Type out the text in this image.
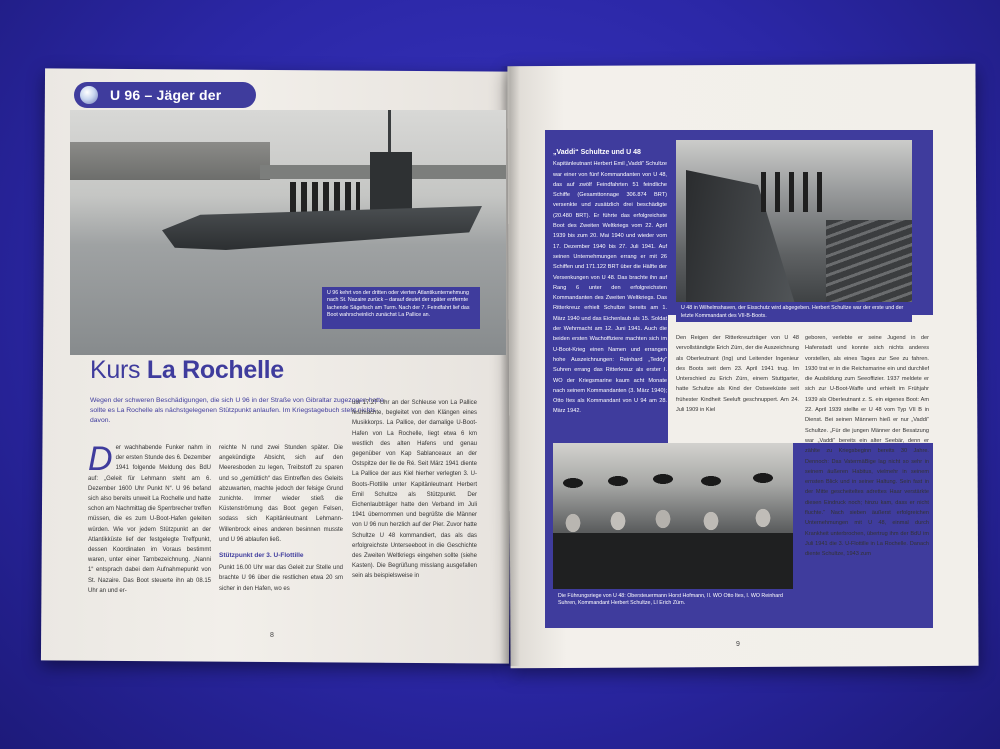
U 96 – Jäger der
U 96 kehrt von der dritten oder vierten Atlantikunternehmung nach St. Nazaire zurück – darauf deutet der später entfernte lachende Sägefisch am Turm. Nach der 7. Feindfahrt lief das Boot wahrscheinlich zunächst La Pallice an.
Kurs La Rochelle
Wegen der schweren Beschädigungen, die sich U 96 in der Straße von Gibraltar zugezogen hatte, sollte es La Rochelle als nächstgelegenen Stützpunkt anlaufen. Im Kriegstagebuch steht nichts davon.
D er wachhabende Funker nahm in der ersten Stunde des 6. Dezember 1941 folgende Meldung des BdU auf: „Geleit für Lehmann steht am 6. Dezember 1600 Uhr Punkt N“. U 96 befand sich also bereits unweit La Rochelle und hatte schon am Nachmittag die Sperrbrecher treffen müssen, die es zum U-Boot-Hafen geleiten würden. Wie vor jedem Stützpunkt an der Atlantikküste lief der festgelegte Treffpunkt, dessen Koordinaten im Voraus bestimmt waren, unter einer Tarnbezeichnung. „Nanni 1“ entsprach dabei dem Aufnahmepunkt von St. Nazaire. Das Boot steuerte ihn ab 08.15 Uhr an und er-
reichte N rund zwei Stunden später. Die angekündigte Absicht, sich auf den Meeresboden zu legen, Treibstoff zu sparen und so „gemütlich“ das Eintreffen des Geleits abzuwarten, machte jedoch der felsige Grund zunichte. Immer wieder stieß die Küstenströmung das Boot gegen Felsen, sodass sich Kapitänleutnant Lehmann-Willenbrock eines anderen besinnen musste und U 96 ablaufen ließ.
Stützpunkt der 3. U-Flottille
Punkt 16.00 Uhr war das Geleit zur Stelle und brachte U 96 über die restlichen etwa 20 sm sicher in den Hafen, wo es
um 17.27 Uhr an der Schleuse von La Pallice festmachte, begleitet von den Klängen eines Musikkorps. La Pallice, der damalige U-Boot-Hafen von La Rochelle, liegt etwa 6 km westlich des alten Hafens und genau gegenüber von Kap Sablanceaux an der Ostspitze der Ile de Ré. Seit März 1941 diente La Pallice der aus Kiel hierher verlegten 3. U-Boots-Flottille unter Kapitänleutnant Herbert Emil Schultze als Stützpunkt. Der Eichenlaubträger hatte den Verband im Juli 1941 übernommen und begrüßte die Männer von U 96 nun herzlich auf der Pier. Zuvor hatte Schultze U 48 kommandiert, das als das erfolgreichste Unterseeboot in die Geschichte des Zweiten Weltkriegs eingehen sollte (siehe Kasten). Die Begrüßung misslang ausgefallen sein als beispielsweise in
8
„Vaddi“ Schultze und U 48
Kapitänleutnant Herbert Emil „Vaddi“ Schultze war einer von fünf Kommandanten von U 48, das auf zwölf Feindfahrten 51 feindliche Schiffe (Gesamttonnage 306.874 BRT) versenkte und zusätzlich drei beschädigte (20.480 BRT). Er führte das erfolgreichste Boot des Zweiten Weltkriegs vom 22. April 1939 bis zum 20. Mai 1940 und wieder vom 17. Dezember 1940 bis 27. Juli 1941. Auf seinen Unternehmungen errang er mit 26 Schiffen und 171.122 BRT über die Hälfte der Versenkungen von U 48. Das brachte ihn auf Rang 6 unter den erfolgreichsten Kommandanten des Zweiten Weltkriegs. Das Ritterkreuz erhielt Schultze bereits am 1. März 1940 und das Eichenlaub als 15. Soldat der Wehrmacht am 12. Juni 1941. Auch die beiden ersten Wachoffiziere machten sich im U-Boot-Krieg einen Namen und errangen hohe Auszeichnungen: Reinhard „Teddy“ Suhren errang das Ritterkreuz als erster I. WO der Kriegsmarine kaum acht Monate nach seinem Kommandanten (3. März 1940); Otto Ites als Kommandant von U 94 am 28. März 1942.
U 48 in Wilhelmshaven, der Eisschutz wird abgegeben. Herbert Schultze war der erste und der letzte Kommandant des VII-B-Boots.
Den Reigen der Ritterkreuzträger von U 48 vervollständigte Erich Zürn, der die Auszeichnung als Oberleutnant (Ing) und Leitender Ingenieur des Boots seit dem 23. April 1941 trug. Im Unterschied zu Erich Zürn, einem Stuttgarter, hatte Schultze als Kind der Ostseeküste seit frühester Kindheit Seeluft geschnuppert. Am 24. Juli 1909 in Kiel
geboren, verlebte er seine Jugend in der Hafenstadt und konnte sich nichts anderes vorstellen, als eines Tages zur See zu fahren. 1930 trat er in die Reichsmarine ein und durchlief die Ausbildung zum Seeoffizier. 1937 meldete er sich zur U-Boot-Waffe und erhielt im Frühjahr 1939 als Oberleutnant z. S. ein eigenes Boot: Am 22. April 1939 stellte er U 48 vom Typ VII B in Dienst. Bei seinen Männern hieß er nur „Vaddi“ Schultze. „Für die jungen Männer der Besatzung war „Vaddi“ bereits ein alter Seebär, denn er zählte zu Kriegsbeginn bereits 30 Jahre. Dennoch: Das VatermäBige lag nicht so sehr in seinem äußeren Habitus, vielmehr in seinem ernsten Blick und in seiner Haltung. Sein fast in der Mitte gescheiteltes adrettes Haar verstärkte diesen Eindruck noch; hinzu kam, dass er nicht fluchte.“ Nach sieben äußerst erfolgreichen Unternehmungen mit U 48, einmal durch Krankheit unterbrochen, übertrug ihm der BdU im Juli 1941 die 3. U-Flottille in La Rochelle. Danach diente Schultze, 1943 zum
Die Führungsriege von U 48: Obersteuermann Horst Hofmann, II. WO Otto Ites, I. WO Reinhard Suhren, Kommandant Herbert Schultze, LI Erich Zürn.
9
